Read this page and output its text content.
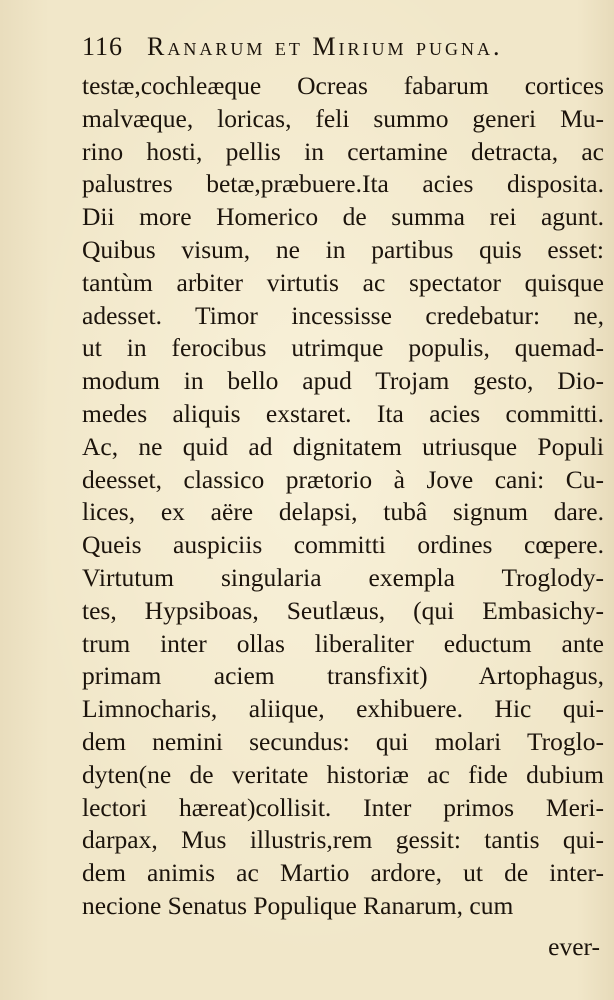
116 Ranarum et Mirium pugna.
testæ,cochleæque Ocreas fabarum cortices
malvæque, loricas, feli summo generi Mu-
rino hosti, pellis in certamine detracta, ac
palustres betæ,præbuere.Ita acies disposita.
Dii more Homerico de summa rei agunt.
Quibus visum, ne in partibus quis esset:
tantùm arbiter virtutis ac spectator quisque
adesset. Timor incessisse credebatur: ne,
ut in ferocibus utrimque populis, quemad-
modum in bello apud Trojam gesto, Dio-
medes aliquis exstaret. Ita acies committi.
Ac, ne quid ad dignitatem utriusque Populi
deesset, classico prætorio à Jove cani: Cu-
lices, ex aëre delapsi, tubâ signum dare.
Queis auspiciis committi ordines cœpere.
Virtutum singularia exempla Troglody-
tes, Hypsiboas, Seutlæus, (qui Embasichy-
trum inter ollas liberaliter eductum ante
primam aciem transfixit) Artophagus,
Limnocharis, aliique, exhibuere. Hic qui-
dem nemini secundus: qui molari Troglo-
dyten(ne de veritate historiæ ac fide dubium
lectori hæreat)collisit. Inter primos Meri-
darpax, Mus illustris,rem gessit: tantis qui-
dem animis ac Martio ardore, ut de inter-
necione Senatus Populique Ranarum, cum
ever-
